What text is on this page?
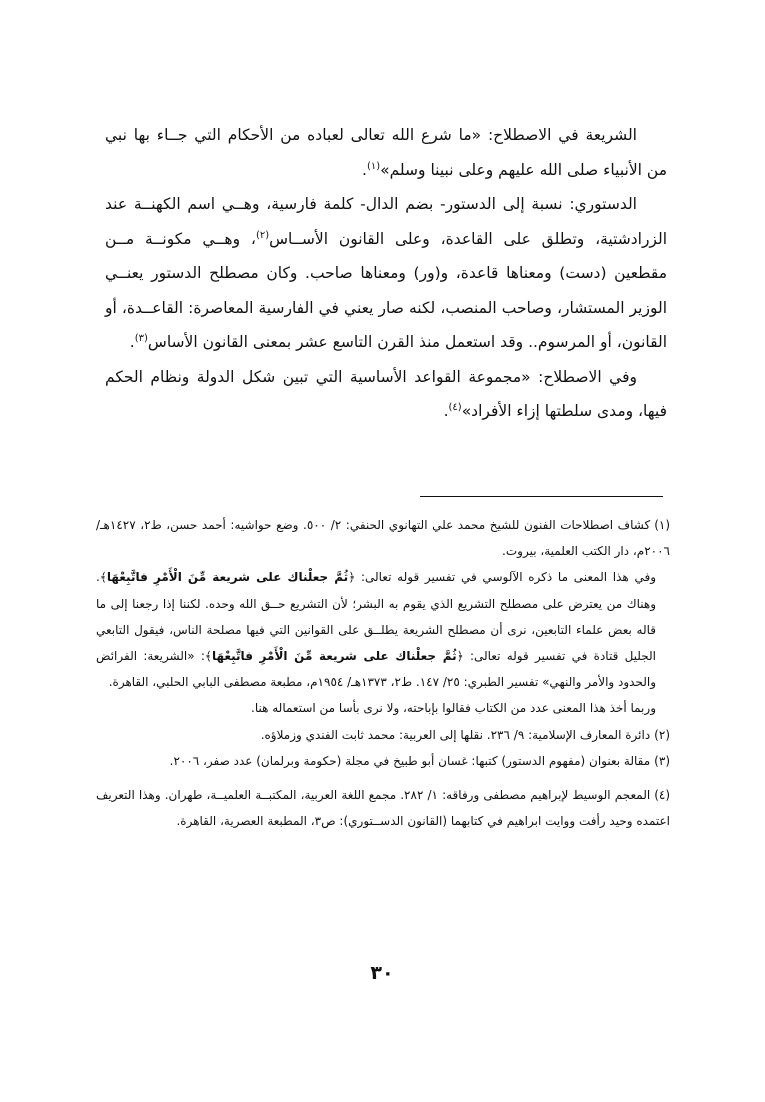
الشريعة في الاصطلاح: «ما شرع الله تعالى لعباده من الأحكام التي جــاء بها نبي من الأنبياء صلى الله عليهم وعلى نبينا وسلم»$^{(١)}$.

الدستوري: نسبة إلى الدستور- بضم الدال- كلمة فارسية، وهــي اسم الكهنــة عند الزرادشتية، وتطلق على القاعدة، وعلى القانون الأســاس$^{(٢)}$، وهــي مكونــة مــن مقطعين (دست) ومعناها قاعدة، و(ور) ومعناها صاحب. وكان مصطلح الدستور يعنــي الوزير المستشار، وصاحب المنصب، لكنه صار يعني في الفارسية المعاصرة: القاعــدة، أو القانون، أو المرسوم.. وقد استعمل منذ القرن التاسع عشر بمعنى القانون الأساس$^{(٣)}$.

وفي الاصطلاح: «مجموعة القواعد الأساسية التي تبين شكل الدولة ونظام الحكم فيها، ومدى سلطتها إزاء الأفراد»$^{(٤)}$.

(١)كشاف اصطلاحات الفنون للشيخ محمد علي التهانوي الحنفي: ٢/ ٥٠٠. وضع حواشيه: أحمد حسن، ط٢، ١٤٢٧هـ/ ٢٠٠٦م، دار الكتب العلمية، بيروت.

وفي هذا المعنى ما ذكره الآلوسي في تفسير قوله تعالى: ﴿ثُمَّ جعلْناك على شريعة مِّنَ الْأَمْرِ فاتَّبِعْهَا﴾. وهناك من يعترض على مصطلح التشريع الذي يقوم به البشر؛ لأن التشريع حــق الله وحده. لكننا إذا رجعنا إلى ما قاله بعض علماء التابعين، نرى أن مصطلح الشريعة يطلــق على القوانين التي فيها مصلحة الناس، فيقول التابعي الجليل قتادة في تفسير قوله تعالى: ﴿ثُمَّ جعلْناك على شريعة مِّنَ الْأَمْرِ فاتَّبِعْهَا﴾: «الشريعة: الفرائض والحدود والأمر والنهي» تفسير الطبري: ٢٥/ ١٤٧. ط٢، ١٣٧٣هـ/ ١٩٥٤م، مطبعة مصطفى البابي الحلبي، القاهرة.

وربما أخذ هذا المعنى عدد من الكتاب فقالوا بإباحته، ولا نرى بأسا من استعماله هنا.

(٢)دائرة المعارف الإسلامية: ٩/ ٢٣٦. نقلها إلى العربية: محمد ثابت الفندي وزملاؤه.

(٣)مقالة بعنوان (مفهوم الدستور) كتبها: غسان أبو طبيخ في مجلة (حكومة وبرلمان) عدد صفر، ٢٠٠٦.

(٤)المعجم الوسيط لإبراهيم مصطفى ورفاقه: ١/ ٢٨٢. مجمع اللغة العربية، المكتبــة العلميــة، طهران. وهذا التعريف اعتمده وحيد رأفت ووايت ابراهيم في كتابهما (القانون الدســتوري): ص٣، المطبعة العصرية، القاهرة.

٣٠
